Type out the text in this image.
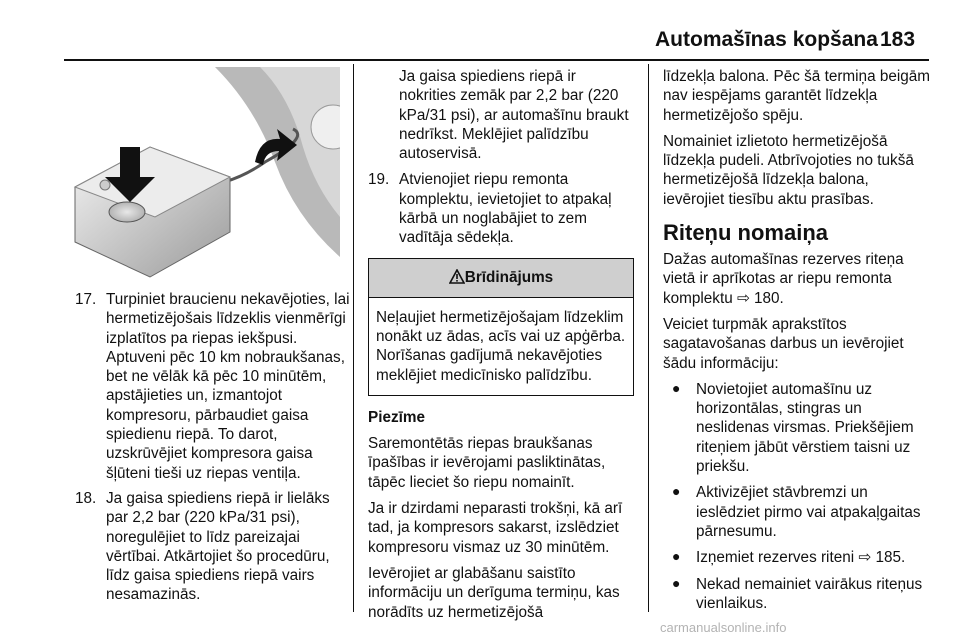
Automašīnas kopšana 183
17. Turpiniet braucienu nekavējoties, lai hermetizējošais līdzeklis vienmērīgi izplatītos pa riepas iekšpusi. Aptuveni pēc 10 km nobraukšanas, bet ne vēlāk kā pēc 10 minūtēm, apstājieties un, izmantojot kompresoru, pārbaudiet gaisa spiedienu riepā. To darot, uzskrūvējiet kompresora gaisa šļūteni tieši uz riepas ventiļa.
18. Ja gaisa spiediens riepā ir lielāks par 2,2 bar (220 kPa/31 psi), noregulējiet to līdz pareizajai vērtībai. Atkārtojiet šo procedūru, līdz gaisa spiediens riepā vairs nesamazinās.

Ja gaisa spiediens riepā ir nokrities zemāk par 2,2 bar (220 kPa/31 psi), ar automašīnu braukt nedrīkst. Meklējiet palīdzību autoservisā.

19. Atvienojiet riepu remonta komplektu, ievietojiet to atpakaļ kārbā un noglabājiet to zem vadītāja sēdekļa.
Brīdinājums
Neļaujiet hermetizējošajam līdzeklim nonākt uz ādas, acīs vai uz apģērba. Norīšanas gadījumā nekavējoties meklējiet medicīnisko palīdzību.

Piezīme

Saremontētās riepas braukšanas īpašības ir ievērojami pasliktinātas, tāpēc lieciet šo riepu nomainīt.

Ja ir dzirdami neparasti trokšņi, kā arī tad, ja kompresors sakarst, izslēdziet kompresoru vismaz uz 30 minūtēm.

Ievērojiet ar glabāšanu saistīto informāciju un derīguma termiņu, kas norādīts uz hermetizējošā

līdzekļa balona. Pēc šā termiņa beigām nav iespējams garantēt līdzekļa hermetizējošo spēju.

Nomainiet izlietoto hermetizējošā līdzekļa pudeli. Atbrīvojoties no tukšā hermetizējošā līdzekļa balona, ievērojiet tiesību aktu prasības.

Riteņu nomaiņa

Dažas automašīnas rezerves riteņa vietā ir aprīkotas ar riepu remonta komplektu ⇨ 180.

Veiciet turpmāk aprakstītos sagatavošanas darbus un ievērojiet šādu informāciju:

● Novietojiet automašīnu uz horizontālas, stingras un neslidenas virsmas. Priekšējiem riteņiem jābūt vērstiem taisni uz priekšu.
● Aktivizējiet stāvbremzi un ieslēdziet pirmo vai atpakaļgaitas pārnesumu.
● Izņemiet rezerves riteni ⇨ 185.
● Nekad nemainiet vairākus riteņus vienlaikus.
carmanualsonline.info
